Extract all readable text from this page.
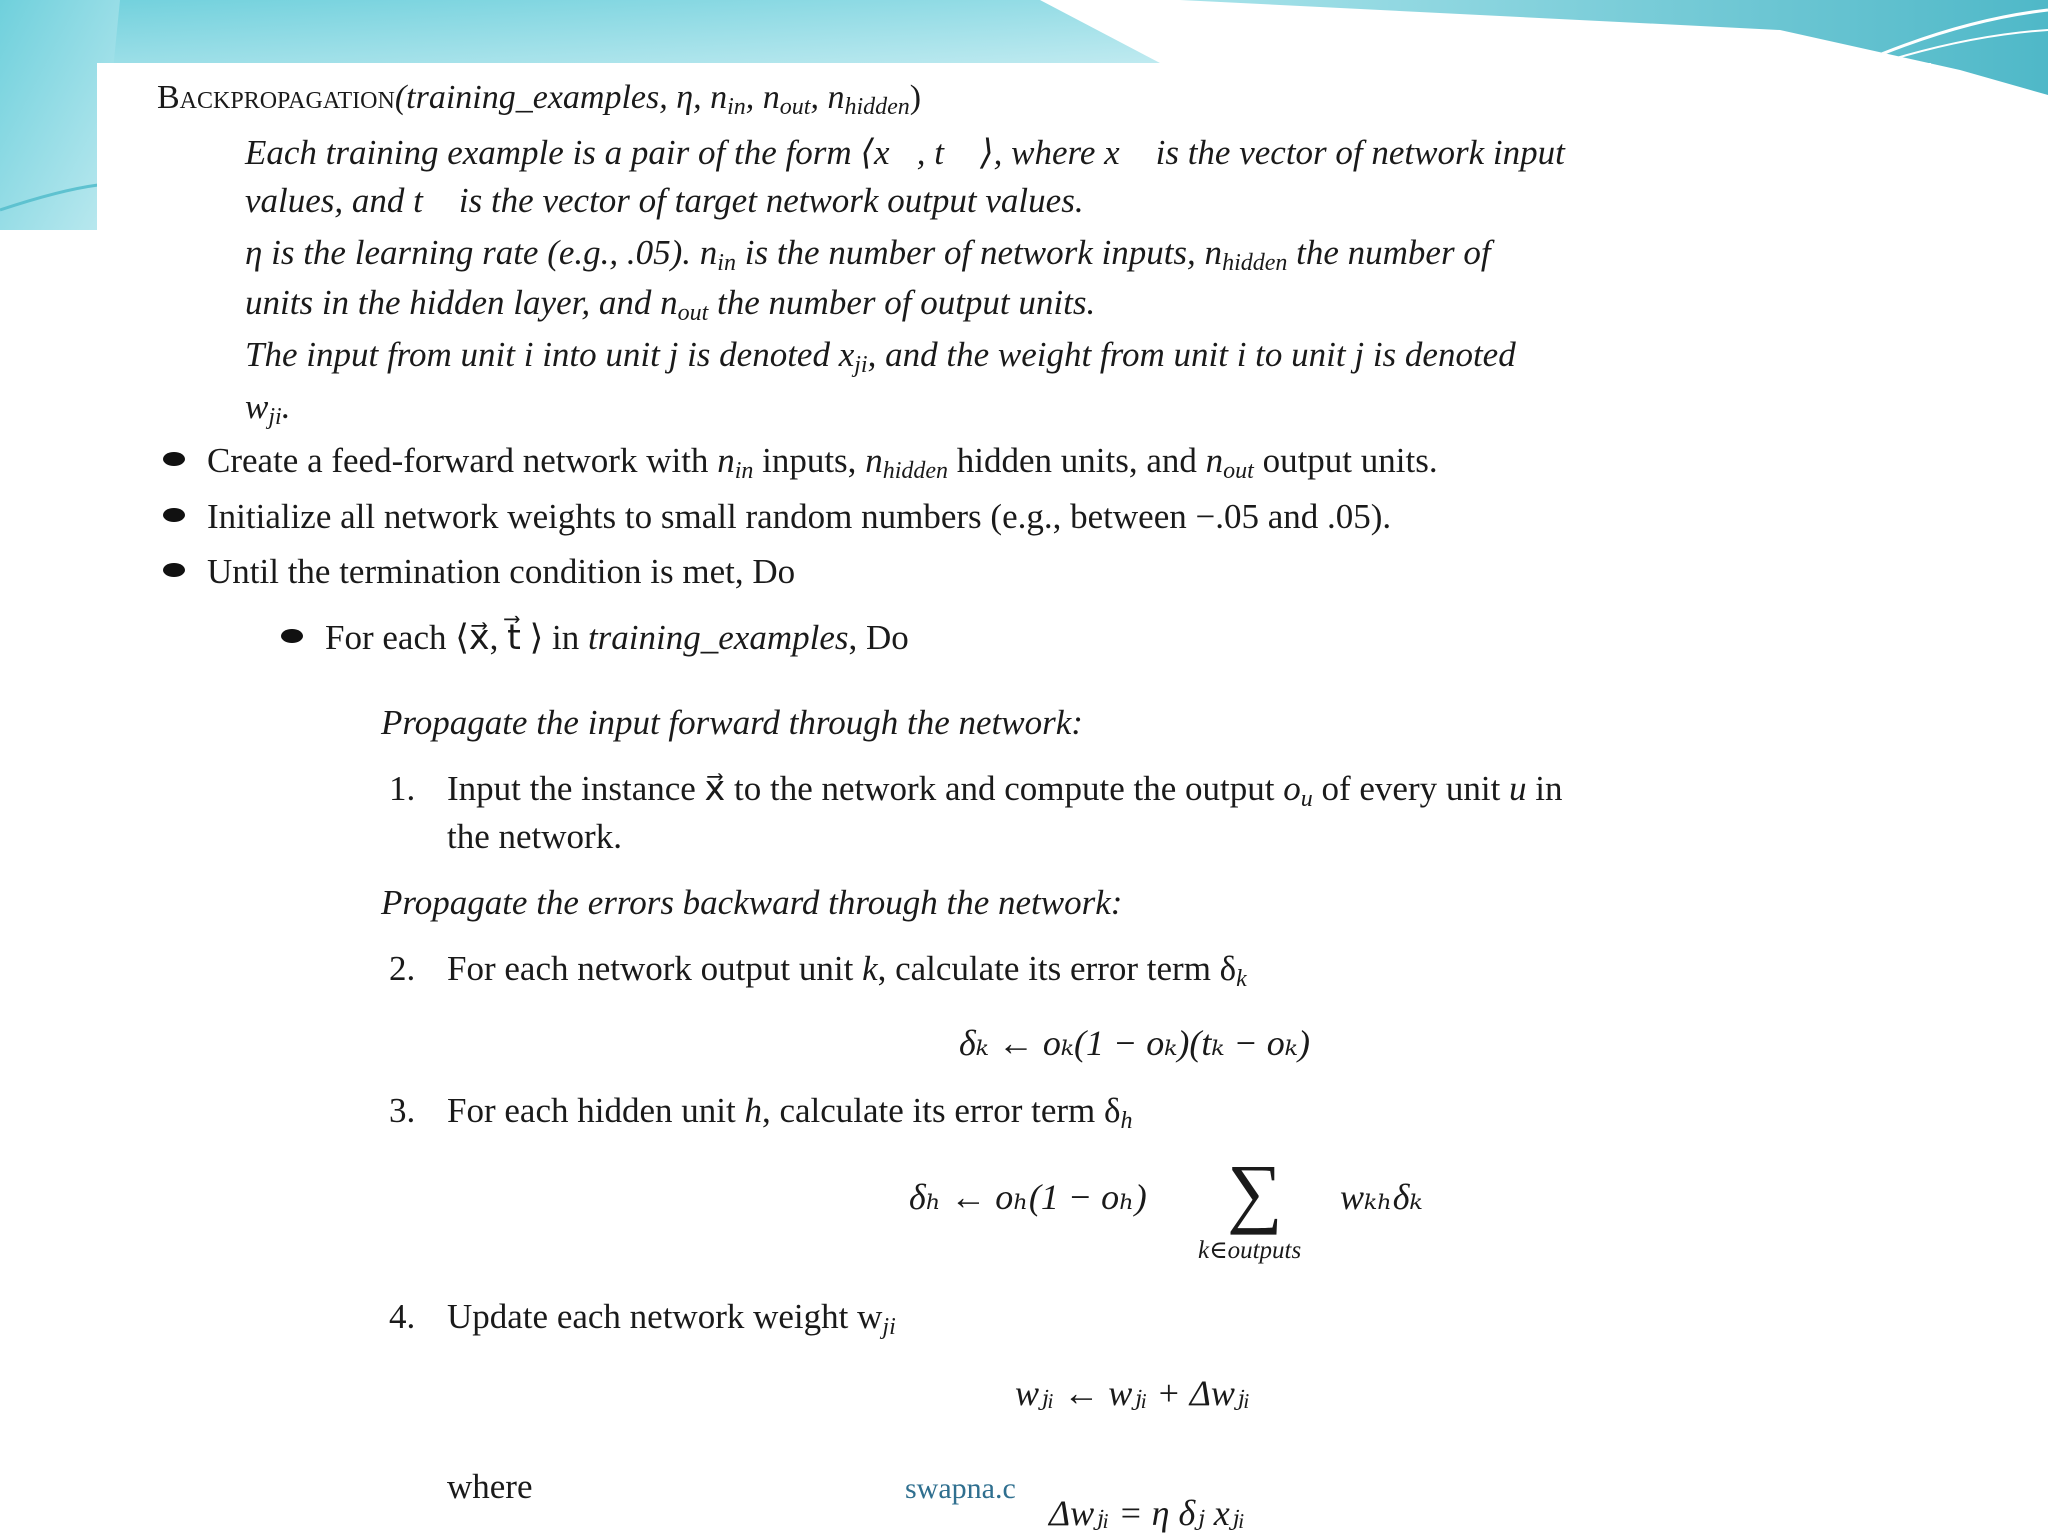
Backpropagation(training_examples, η, $n_{in}$, $n_{out}$, $n_{hidden}$)
Each training example is a pair of the form ⟨x⃗, t⃗ ⟩, where x⃗ is the vector of network input
values, and t⃗ is the vector of target network output values.
η is the learning rate (e.g., .05). $n_{in}$ is the number of network inputs, $n_{hidden}$ the number of
units in the hidden layer, and $n_{out}$ the number of output units.
The input from unit i into unit j is denoted $x_{ji}$, and the weight from unit i to unit j is denoted
$w_{ji}$.
Create a feed-forward network with $n_{in}$ inputs, $n_{hidden}$ hidden units, and $n_{out}$ output units.
Initialize all network weights to small random numbers (e.g., between −.05 and .05).
Until the termination condition is met, Do
For each ⟨x⃗, t⃗ ⟩ in training_examples, Do
Propagate the input forward through the network:
1. Input the instance x⃗ to the network and compute the output $o_u$ of every unit u in
the network.
Propagate the errors backward through the network:
2. For each network output unit k, calculate its error term $\delta_k$
δₖ ← oₖ(1 − oₖ)(tₖ − oₖ)
3. For each hidden unit h, calculate its error term $\delta_h$
δₕ ← oₕ(1 − oₕ) ∑
k∈outputs
wₖₕδₖ
4. Update each network weight $w_{ji}$
wⱼᵢ ← wⱼᵢ + Δwⱼᵢ
where
Δwⱼᵢ = η δⱼ xⱼᵢ
swapna.c
